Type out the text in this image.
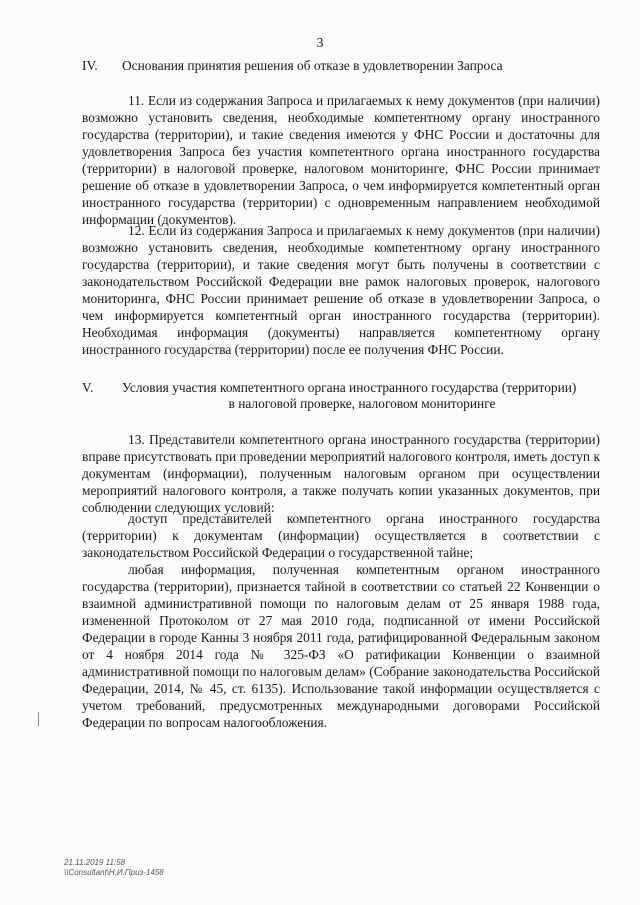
3
IV. Основания принятия решения об отказе в удовлетворении Запроса

11. Если из содержания Запроса и прилагаемых к нему документов (при наличии) возможно установить сведения, необходимые компетентному органу иностранного государства (территории), и такие сведения имеются у ФНС России и достаточны для удовлетворения Запроса без участия компетентного органа иностранного государства (территории) в налоговой проверке, налоговом мониторинге, ФНС России принимает решение об отказе в удовлетворении Запроса, о чем информируется компетентный орган иностранного государства (территории) с одновременным направлением необходимой информации (документов).

12. Если из содержания Запроса и прилагаемых к нему документов (при наличии) возможно установить сведения, необходимые компетентному органу иностранного государства (территории), и такие сведения могут быть получены в соответствии с законодательством Российской Федерации вне рамок налоговых проверок, налогового мониторинга, ФНС России принимает решение об отказе в удовлетворении Запроса, о чем информируется компетентный орган иностранного государства (территории). Необходимая информация (документы) направляется компетентному органу иностранного государства (территории) после ее получения ФНС России.

V. Условия участия компетентного органа иностранного государства (территории)
в налоговой проверке, налоговом мониторинге

13. Представители компетентного органа иностранного государства (территории) вправе присутствовать при проведении мероприятий налогового контроля, иметь доступ к документам (информации), полученным налоговым органом при осуществлении мероприятий налогового контроля, а также получать копии указанных документов, при соблюдении следующих условий:

доступ представителей компетентного органа иностранного государства (территории) к документам (информации) осуществляется в соответствии с законодательством Российской Федерации о государственной тайне;

любая информация, полученная компетентным органом иностранного государства (территории), признается тайной в соответствии со статьей 22 Конвенции о взаимной административной помощи по налоговым делам от 25 января 1988 года, измененной Протоколом от 27 мая 2010 года, подписанной от имени Российской Федерации в городе Канны 3 ноября 2011 года, ратифицированной Федеральным законом от 4 ноября 2014 года № 325-ФЗ «О ратификации Конвенции о взаимной административной помощи по налоговым делам» (Собрание законодательства Российской Федерации, 2014, № 45, ст. 6135). Использование такой информации осуществляется с учетом требований, предусмотренных международными договорами Российской Федерации по вопросам налогообложения.

21.11.2019 11:58
\\Consultant\Н.И.Приз-1458
